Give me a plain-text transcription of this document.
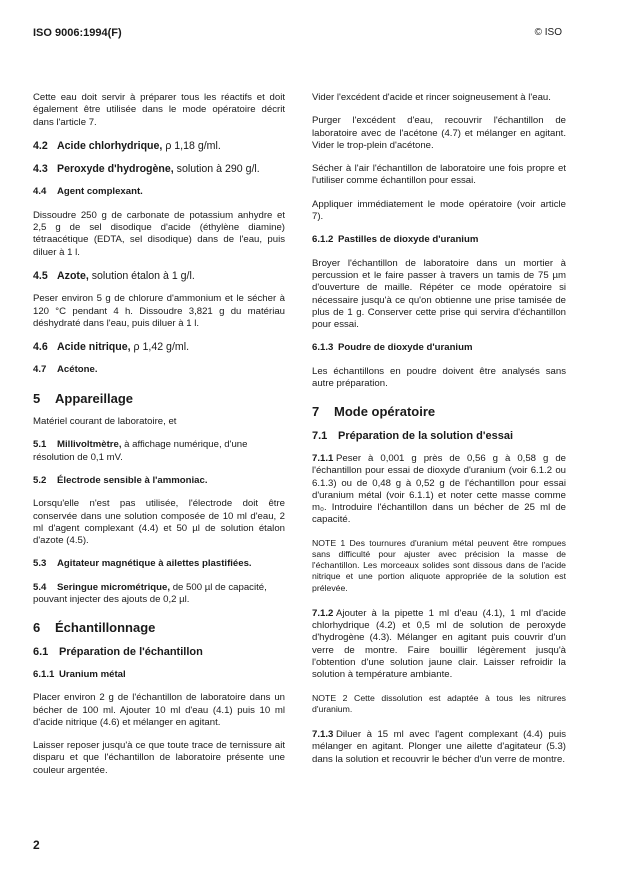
ISO 9006:1994(F)	© ISO

Cette eau doit servir à préparer tous les réactifs et doit également être utilisée dans le mode opératoire décrit dans l'article 7.

4.2 Acide chlorhydrique, ρ 1,18 g/ml.
4.3 Peroxyde d'hydrogène, solution à 290 g/l.
4.4 Agent complexant.

Dissoudre 250 g de carbonate de potassium anhydre et 2,5 g de sel disodique d'acide (éthylène diamine) tétraacétique (EDTA, sel disodique) dans de l'eau, puis diluer à 1 l.

4.5 Azote, solution étalon à 1 g/l.

Peser environ 5 g de chlorure d'ammonium et le sécher à 120 °C pendant 4 h. Dissoudre 3,821 g du matériau déshydraté dans l'eau, puis diluer à 1 l.

4.6 Acide nitrique, ρ 1,42 g/ml.
4.7 Acétone.
5 Appareillage

Matériel courant de laboratoire, et

5.1 Millivoltmètre, à affichage numérique, d'une résolution de 0,1 mV.
5.2 Électrode sensible à l'ammoniac.

Lorsqu'elle n'est pas utilisée, l'électrode doit être conservée dans une solution composée de 10 ml d'eau, 2 ml d'agent complexant (4.4) et 50 µl de solution étalon d'azote (4.5).

5.3 Agitateur magnétique à ailettes plastifiées.
5.4 Seringue micrométrique, de 500 µl de capacité, pouvant injecter des ajouts de 0,2 µl.
6 Échantillonnage
6.1 Préparation de l'échantillon
6.1.1 Uranium métal

Placer environ 2 g de l'échantillon de laboratoire dans un bécher de 100 ml. Ajouter 10 ml d'eau (4.1) puis 10 ml d'acide nitrique (4.6) et mélanger en agitant.

Laisser reposer jusqu'à ce que toute trace de ternissure ait disparu et que l'échantillon de laboratoire présente une couleur argentée.

Vider l'excédent d'acide et rincer soigneusement à l'eau.

Purger l'excédent d'eau, recouvrir l'échantillon de laboratoire avec de l'acétone (4.7) et mélanger en agitant. Vider le trop-plein d'acétone.

Sécher à l'air l'échantillon de laboratoire une fois propre et l'utiliser comme échantillon pour essai.

Appliquer immédiatement le mode opératoire (voir article 7).

6.1.2 Pastilles de dioxyde d'uranium

Broyer l'échantillon de laboratoire dans un mortier à percussion et le faire passer à travers un tamis de 75 µm d'ouverture de maille. Répéter ce mode opératoire si nécessaire jusqu'à ce qu'on obtienne une prise tamisée de plus de 1 g. Conserver cette prise qui servira d'échantillon pour essai.

6.1.3 Poudre de dioxyde d'uranium

Les échantillons en poudre doivent être analysés sans autre préparation.

7 Mode opératoire
7.1 Préparation de la solution d'essai

7.1.1 Peser à 0,001 g près de 0,56 g à 0,58 g de l'échantillon pour essai de dioxyde d'uranium (voir 6.1.2 ou 6.1.3) ou de 0,48 g à 0,52 g de l'échantillon pour essai d'uranium métal (voir 6.1.1) et noter cette masse comme m₀. Introduire l'échantillon dans un bécher de 25 ml de capacité.

NOTE 1 Des tournures d'uranium métal peuvent être rompues sans difficulté pour ajuster avec précision la masse de l'échantillon. Les morceaux solides sont dissous dans de l'acide nitrique et une portion aliquote appropriée de la solution est prélevée.

7.1.2 Ajouter à la pipette 1 ml d'eau (4.1), 1 ml d'acide chlorhydrique (4.2) et 0,5 ml de solution de peroxyde d'hydrogène (4.3). Mélanger en agitant puis couvrir d'un verre de montre. Faire bouillir légèrement jusqu'à l'obtention d'une solution jaune clair. Laisser refroidir la solution à température ambiante.

NOTE 2 Cette dissolution est adaptée à tous les nitrures d'uranium.

7.1.3 Diluer à 15 ml avec l'agent complexant (4.4) puis mélanger en agitant. Plonger une ailette d'agitateur (5.3) dans la solution et recouvrir le bécher d'un verre de montre.

2
